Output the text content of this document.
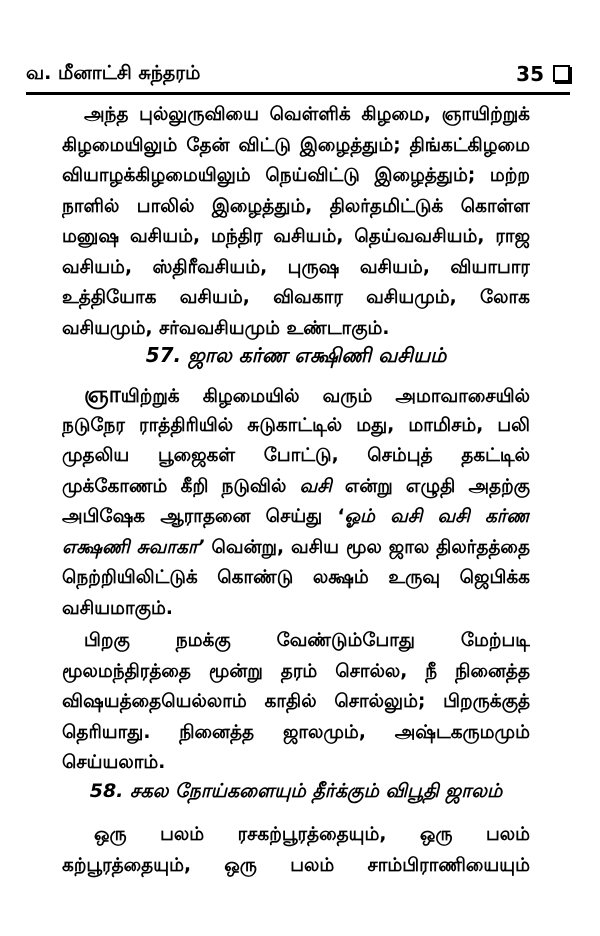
வ. மீனாட்சி சுந்தரம்	35
அந்த புல்லுருவியை வெள்ளிக் கிழமை, ஞாயிற்றுக்
கிழமையிலும் தேன் விட்டு இழைத்தும்; திங்கட்கிழமை
வியாழக்கிழமையிலும் நெய்விட்டு இழைத்தும்; மற்ற
நாளில் பாலில் இழைத்தும், திலர்தமிட்டுக் கொள்ள
மனுஷ வசியம், மந்திர வசியம், தெய்வவசியம், ராஜ
வசியம், ஸ்திரீவசியம், புருஷ வசியம், வியாபார
உத்தியோக வசியம், விவகார வசியமும், லோக
வசியமும், சர்வவசியமும் உண்டாகும்.
57. ஜால கர்ண எக்ஷிணி வசியம்
ஞாயிற்றுக் கிழமையில் வரும் அமாவாசையில்
நடுநேர ராத்திரியில் சுடுகாட்டில் மது, மாமிசம், பலி
முதலிய பூஜைகள் போட்டு, செம்புத் தகட்டில்
முக்கோணம் கீறி நடுவில் வசி என்று எழுதி அதற்கு
அபிஷேக ஆராதனை செய்து ‘ஓம் வசி வசி கர்ண
எக்ஷணி சுவாகா’ வென்று, வசிய மூல ஜால திலர்தத்தை
நெற்றியிலிட்டுக் கொண்டு லக்ஷம் உருவு ஜெபிக்க
வசியமாகும்.
பிறகு நமக்கு வேண்டும்போது மேற்படி
மூலமந்திரத்தை மூன்று தரம் சொல்ல, நீ நினைத்த
விஷயத்தையெல்லாம் காதில் சொல்லும்; பிறருக்குத்
தெரியாது. நினைத்த ஜாலமும், அஷ்டகருமமும்
செய்யலாம்.
58. சகல நோய்களையும் தீர்க்கும் விபூதி ஜாலம்
ஒரு பலம் ரசகற்பூரத்தையும், ஒரு பலம்
கற்பூரத்தையும், ஒரு பலம் சாம்பிராணியையும்
